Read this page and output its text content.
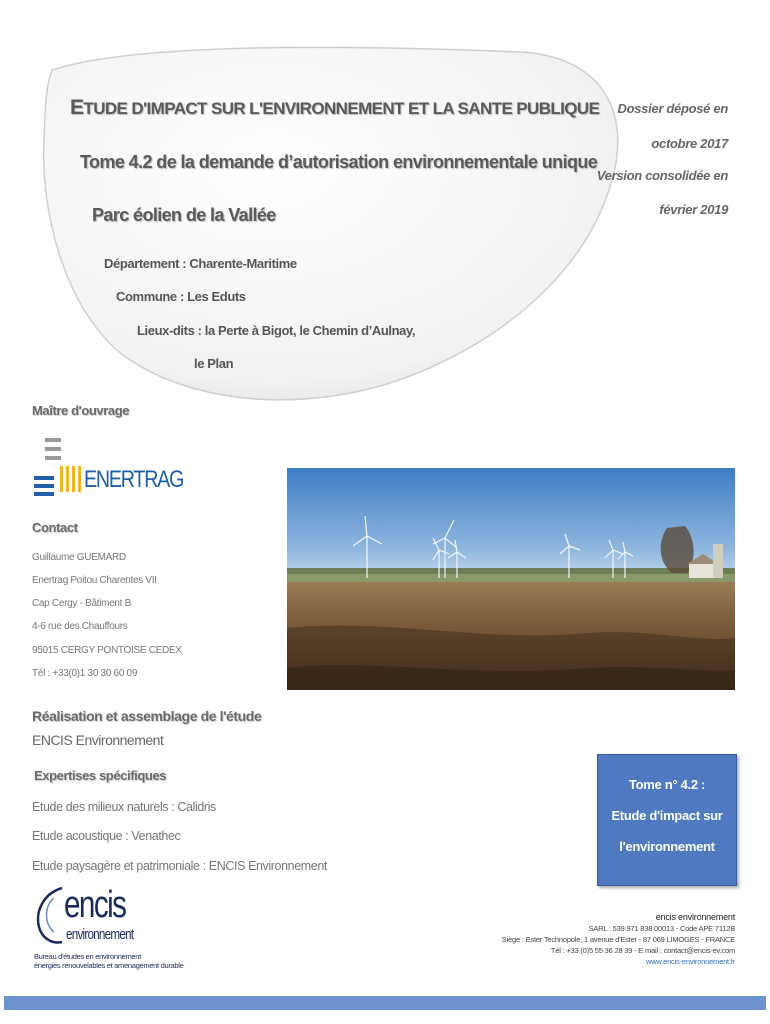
ETUDE D'IMPACT SUR L'ENVIRONNEMENT ET LA SANTE PUBLIQUE
Tome 4.2 de la demande d’autorisation environnementale unique
Parc éolien de la Vallée
Département : Charente-Maritime
Commune : Les Eduts
Lieux-dits : la Perte à Bigot, le Chemin d’Aulnay,
le Plan
Dossier déposé en
octobre 2017
Version consolidée en
février 2019
Maître d'ouvrage
ENERTRAG
Contact
Guillaume GUEMARD
Enertrag Poitou Charentes VII
Cap Cergy - Bâtiment B
4-6 rue des Chauffours
95015 CERGY PONTOISE CEDEX
Tél : +33(0)1 30 30 60 09
Réalisation et assemblage de l'étude
ENCIS Environnement
Expertises spécifiques
Etude des milieux naturels : Calidris
Etude acoustique : Venathec
Etude paysagère et patrimoniale : ENCIS Environnement
Tome n° 4.2 :
Etude d'impact sur
l'environnement
encis
environnement
Bureau d'études en environnement
énergies renouvelables et aménagement durable
encis environnement
SARL : 539 971 838 00013 - Code APE 7112B
Siège : Ester Technopole, 1 avenue d'Ester - 87 069 LIMOGES - FRANCE
Tél : +33 (0)5 55 36 28 39 - E mail : contact@encis-ev.com
www.encis-environnement.fr
